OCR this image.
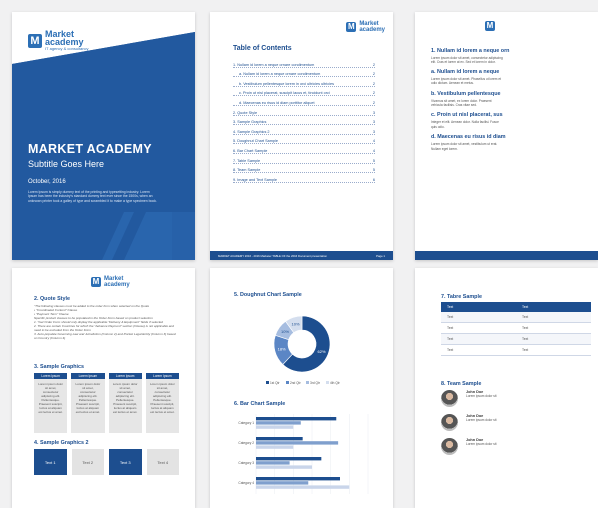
M
Market
academy
IT agency & consultancy
MARKET ACADEMY
Subtitle Goes Here
October, 2016
Lorem Ipsum is simply dummy text of the printing and typesetting industry. Lorem Ipsum has been the industry's standard dummy text ever since the 1500s, when an unknown printer took a galley of type and scrambled it to make a type specimen book.
M Market
academy
Table of Contents
1. Nullam id lorem a neque ornare condimentum	2
a. Nullam id lorem a neque ornare condimentum	2
b. Vestibulum pellentesque lorem in orci ultricies ultricies	2
c. Proin ut nisl placerat, suscipit lacus et, tincidunt orci	2
d. Maecenas eu risus id diam porttitor aliquet	2
2. Quote Style	3
3. Sample Graphics	3
4. Sample Graphics 2	3
5. Doughnut Chart Sample	4
6. Bar Chart Sample	4
7. Table Sample	5
8. Team Sample	5
9. Image and Text Sample	6
MARKET ACADEMY 2016 - 2016 Marketer TABLE OF the 2016 Document presentation	Page 1
M
1. Nullam id lorem a neque orn
Lorem ipsum dolor sit amet, consectetur adipiscing elit. Cras et lorem at ex. Sed et lorem in dolor.
a. Nullam id lorem a neque
Lorem ipsum dolor sit amet. Phasellus ut lorem et odio dictum. Aenean et metus.
b. Vestibulum pellentesque
Vivamus sit amet, ex lorem dolor. Praesent vehicula facilisis. Cras vitae sed.
c. Proin ut nisl placerat, sus
Integer et elit. Aenean dolor. Nulla facilisi. Fusce quis odio.
d. Maecenas eu risus id diam
Lorem ipsum dolor sit amet, vestibulum ut erat. Nullam eget lorem.
M Market
academy
2. Quote Style
"The following clauses must be added to the order form when selected on the Quote
• "Coordinated Content" Clause
• "Payment Term" Clause
Specific product clauses to be populated in the Order Form based on product selection
1. "Get Order Form should only display the applicable "Delivery & Equipment" fields if selected
2. There are certain Countries for which the "Advance Payment" section (Clause) is not applicable and need to be excluded from the Order Form
3. Auto-populate Governing Law and Jurisdiction (Column 2) and Pocket Legal Entity (Column 3) based on Country (Column 4)
3. Sample Graphics
Lorem Ipsum
Lorem ipsum dolor sit amet, consectetur adipiscing elit. Pellentesque. Praesent suscipit, luctus at aliquam est lectus et amet.
Lorem Ipsum
Lorem ipsum dolor sit amet, consectetur adipiscing elit. Pellentesque. Praesent suscipit, luctus at aliquam est lectus et amet.
Lorem Ipsum
Lorem ipsum dolor sit amet, consectetur adipiscing elit. Pellentesque. Praesent suscipit, luctus at aliquam est lectus et amet.
Lorem Ipsum
Lorem ipsum dolor sit amet, consectetur adipiscing elit. Pellentesque. Praesent suscipit, luctus at aliquam est lectus et amet.
4. Sample Graphics 2
Text 1	Text 2	Text 3	Text 4
5. Doughnut Chart Sample
62%
18%
10%
10%
1st Qtr	2nd Qtr	3rd Qtr	4th Qtr
6. Bar Chart Sample
Category 1
Category 2
Category 3
Category 4
7. Tabre Sample
Text	Text
Text	Text
Text	Text
Text	Text
Text	Text
8. Team Sample
John Doe
Lorem ipsum dolor sit
John Doe
Lorem ipsum dolor sit
John Doe
Lorem ipsum dolor sit
